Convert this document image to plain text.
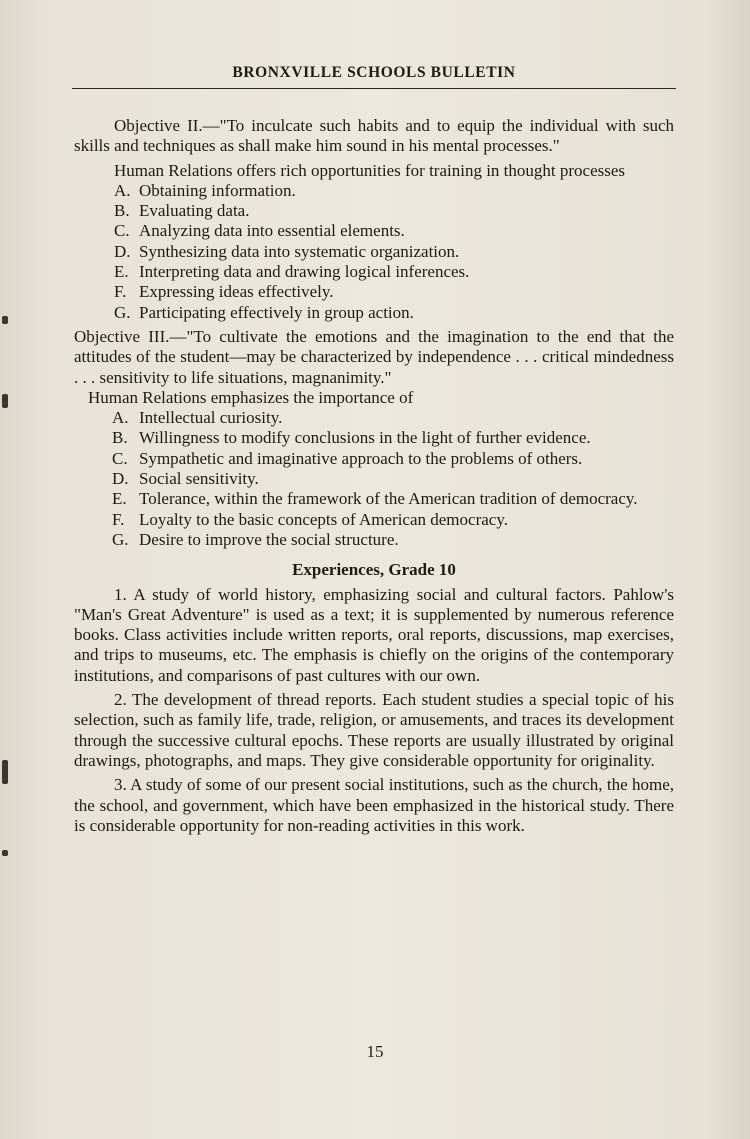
BRONXVILLE SCHOOLS BULLETIN

Objective II.—"To inculcate such habits and to equip the individual with such skills and techniques as shall make him sound in his mental processes."

Human Relations offers rich opportunities for training in thought processes

A. Obtaining information.
B. Evaluating data.
C. Analyzing data into essential elements.
D. Synthesizing data into systematic organization.
E. Interpreting data and drawing logical inferences.
F. Expressing ideas effectively.
G. Participating effectively in group action.

Objective III.—"To cultivate the emotions and the imagination to the end that the attitudes of the student—may be characterized by independence . . . critical mindedness . . . sensitivity to life situations, magnanimity."

Human Relations emphasizes the importance of

A. Intellectual curiosity.
B. Willingness to modify conclusions in the light of further evidence.
C. Sympathetic and imaginative approach to the problems of others.
D. Social sensitivity.
E. Tolerance, within the framework of the American tradition of democracy.
F. Loyalty to the basic concepts of American democracy.
G. Desire to improve the social structure.
Experiences, Grade 10

1. A study of world history, emphasizing social and cultural factors. Pahlow's "Man's Great Adventure" is used as a text; it is supplemented by numerous reference books. Class activities include written reports, oral reports, discussions, map exercises, and trips to museums, etc. The emphasis is chiefly on the origins of the contemporary institutions, and comparisons of past cultures with our own.

2. The development of thread reports. Each student studies a special topic of his selection, such as family life, trade, religion, or amusements, and traces its development through the successive cultural epochs. These reports are usually illustrated by original drawings, photographs, and maps. They give considerable opportunity for originality.

3. A study of some of our present social institutions, such as the church, the home, the school, and government, which have been emphasized in the historical study. There is considerable opportunity for non-reading activities in this work.

15
